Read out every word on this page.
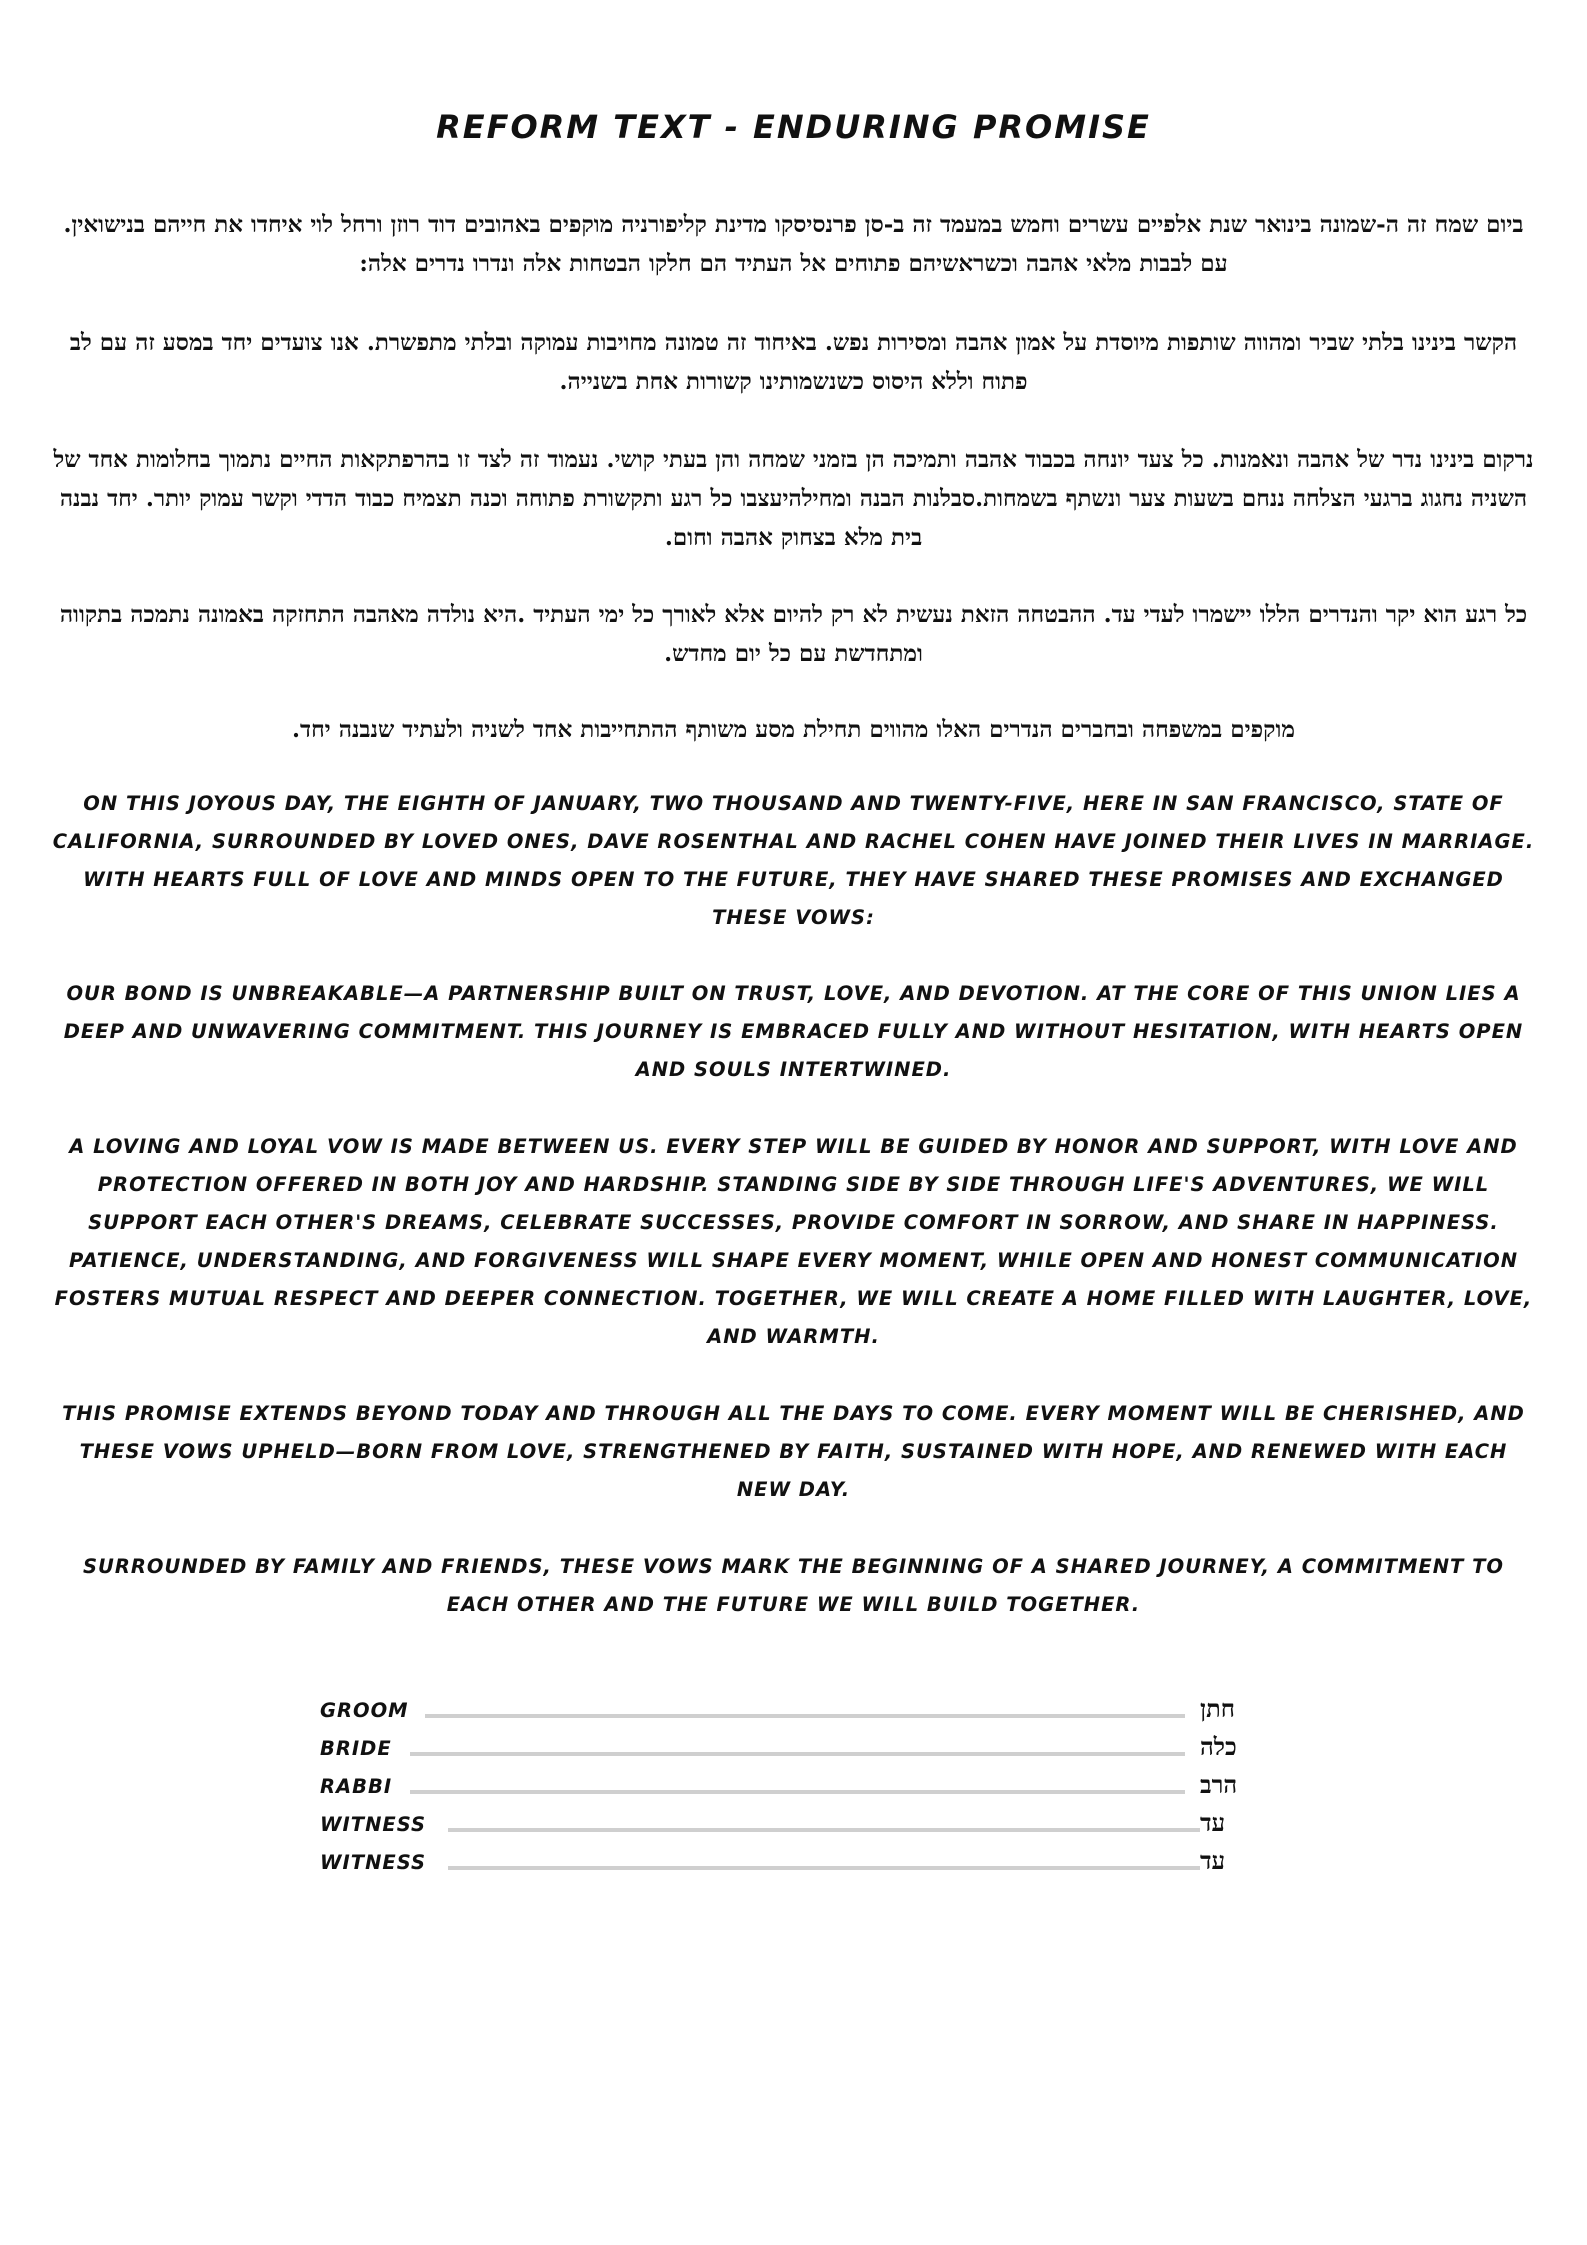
REFORM TEXT - ENDURING PROMISE
ביום שמח זה ה-שמונה בינואר שנת אלפיים עשרים וחמש במעמד זה ב-סן פרנסיסקו מדינת קליפורניה מוקפים באהובים דוד רוזן ורחל לוי איחדו את חייהם בנישואין. עם לבבות מלאי אהבה וכשראשיהם פתוחים אל העתיד הם חלקו הבטחות אלה ונדרו נדרים אלה:
הקשר בינינו בלתי שביר ומהווה שותפות מיוסדת על אמון אהבה ומסירות נפש. באיחוד זה טמונה מחויבות עמוקה ובלתי מתפשרת. אנו צועדים יחד במסע זה עם לב פתוח וללא היסוס כשנשמותינו קשורות אחת בשנייה.
נרקום בינינו נדר של אהבה ונאמנות. כל צעד יונחה בכבוד אהבה ותמיכה הן בזמני שמחה והן בעתי קושי. נעמוד זה לצד זו בהרפתקאות החיים נתמוך בחלומות אחד של השניה נחגוג ברגעי הצלחה ננחם בשעות צער ונשתף בשמחות.סבלנות הבנה ומחילהיעצבו כל רגע ותקשורת פתוחה וכנה תצמיח כבוד הדדי וקשר עמוק יותר. יחד נבנה בית מלא בצחוק אהבה וחום.
כל רגע הוא יקר והנדרים הללו יישמרו לעדי עד. ההבטחה הזאת נעשית לא רק להיום אלא לאורך כל ימי העתיד .היא נולדה מאהבה התחזקה באמונה נתמכה בתקווה ומתחדשת עם כל יום מחדש.
מוקפים במשפחה ובחברים הנדרים האלו מהווים תחילת מסע משותף ההתחייבות אחד לשניה ולעתיד שנבנה יחד.
ON THIS JOYOUS DAY, THE EIGHTH OF JANUARY, TWO THOUSAND AND TWENTY-FIVE, HERE IN SAN FRANCISCO, STATE OF CALIFORNIA, SURROUNDED BY LOVED ONES, DAVE ROSENTHAL AND RACHEL COHEN HAVE JOINED THEIR LIVES IN MARRIAGE. WITH HEARTS FULL OF LOVE AND MINDS OPEN TO THE FUTURE, THEY HAVE SHARED THESE PROMISES AND EXCHANGED THESE VOWS:
OUR BOND IS UNBREAKABLE—A PARTNERSHIP BUILT ON TRUST, LOVE, AND DEVOTION. AT THE CORE OF THIS UNION LIES A DEEP AND UNWAVERING COMMITMENT. THIS JOURNEY IS EMBRACED FULLY AND WITHOUT HESITATION, WITH HEARTS OPEN AND SOULS INTERTWINED.
A LOVING AND LOYAL VOW IS MADE BETWEEN US. EVERY STEP WILL BE GUIDED BY HONOR AND SUPPORT, WITH LOVE AND PROTECTION OFFERED IN BOTH JOY AND HARDSHIP. STANDING SIDE BY SIDE THROUGH LIFE'S ADVENTURES, WE WILL SUPPORT EACH OTHER'S DREAMS, CELEBRATE SUCCESSES, PROVIDE COMFORT IN SORROW, AND SHARE IN HAPPINESS. PATIENCE, UNDERSTANDING, AND FORGIVENESS WILL SHAPE EVERY MOMENT, WHILE OPEN AND HONEST COMMUNICATION FOSTERS MUTUAL RESPECT AND DEEPER CONNECTION. TOGETHER, WE WILL CREATE A HOME FILLED WITH LAUGHTER, LOVE, AND WARMTH.
THIS PROMISE EXTENDS BEYOND TODAY AND THROUGH ALL THE DAYS TO COME. EVERY MOMENT WILL BE CHERISHED, AND THESE VOWS UPHELD—BORN FROM LOVE, STRENGTHENED BY FAITH, SUSTAINED WITH HOPE, AND RENEWED WITH EACH NEW DAY.
SURROUNDED BY FAMILY AND FRIENDS, THESE VOWS MARK THE BEGINNING OF A SHARED JOURNEY, A COMMITMENT TO EACH OTHER AND THE FUTURE WE WILL BUILD TOGETHER.
GROOM	חתן
BRIDE	כלה
RABBI	הרב
WITNESS	עד
WITNESS	עד
